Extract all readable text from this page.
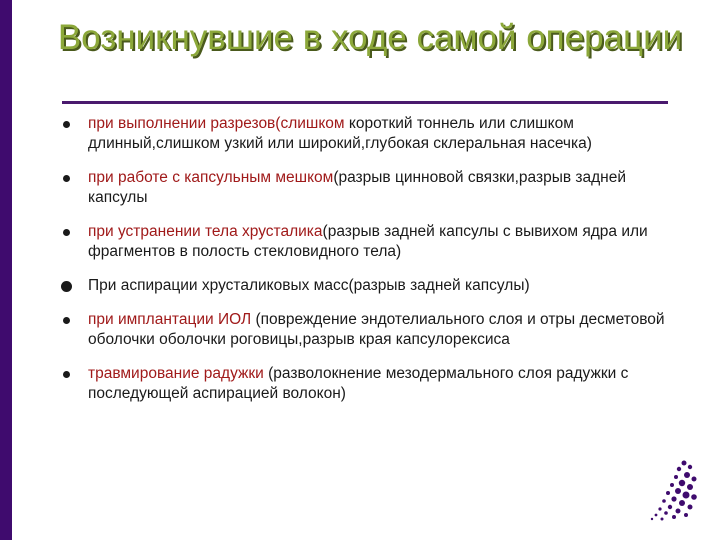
Возникнувшие в ходе самой операции
при выполнении разрезов(слишком короткий тоннель или слишком длинный,слишком узкий или широкий,глубокая склеральная насечка)
при работе с капсульным мешком(разрыв цинновой связки,разрыв задней капсулы
при устранении тела хрусталика(разрыв задней капсулы с вывихом ядра или фрагментов в полость стекловидного тела)
При аспирации хрусталиковых масс(разрыв задней капсулы)
при имплантации ИОЛ (повреждение эндотелиального слоя и отры десметовой оболочки оболочки роговицы,разрыв края капсулорексиса
травмирование радужки (разволокнение мезодермального слоя радужки с последующей аспирацией волокон)
